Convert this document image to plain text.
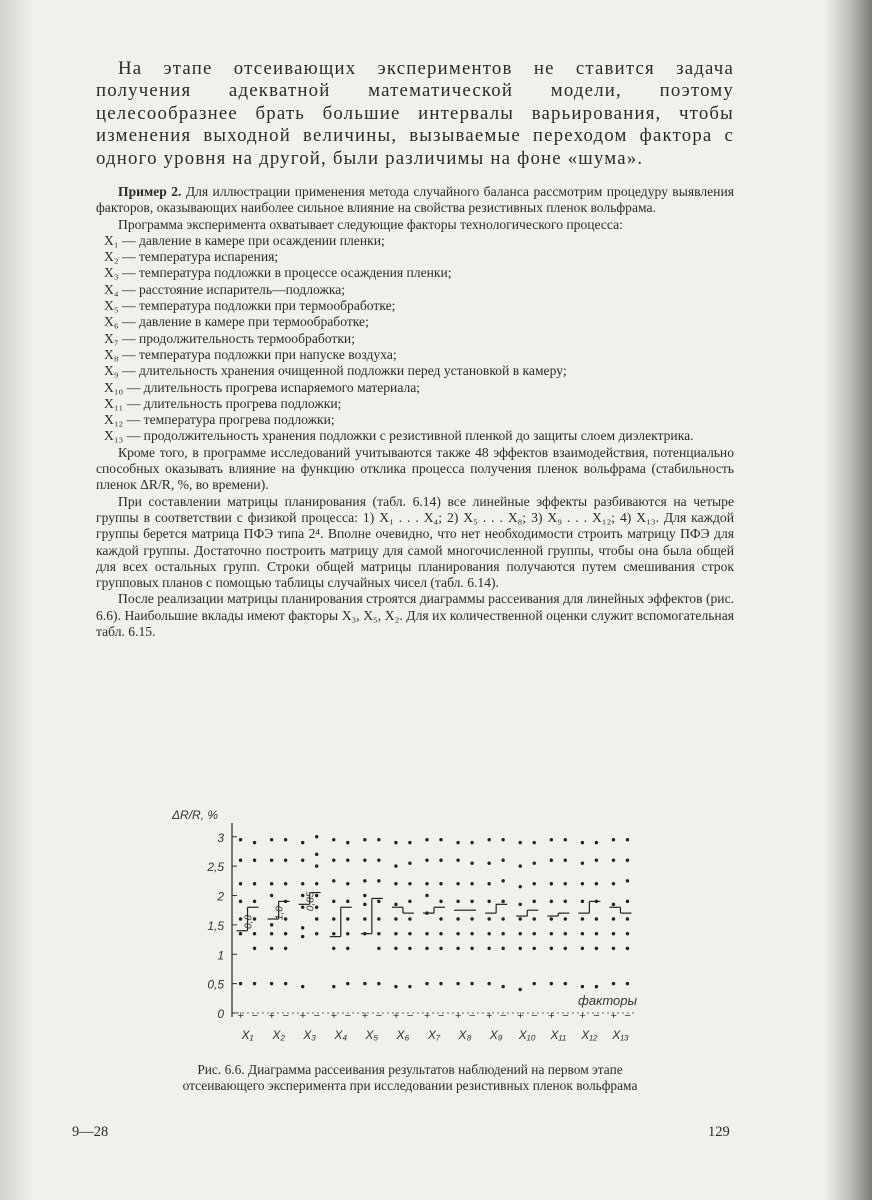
На этапе отсеивающих экспериментов не ставится задача получения адекватной математической модели, поэтому целесообразнее брать большие интервалы варьирования, чтобы изменения выходной величины, вызываемые переходом фактора с одного уровня на другой, были различимы на фоне «шума».

Пример 2. Для иллюстрации применения метода случайного баланса рассмотрим процедуру выявления факторов, оказывающих наиболее сильное влияние на свойства резистивных пленок вольфрама.

Программа эксперимента охватывает следующие факторы технологического процесса:

X₁ — давление в камере при осаждении пленки;
X₂ — температура испарения;
X₃ — температура подложки в процессе осаждения пленки;
X₄ — расстояние испаритель—подложка;
X₅ — температура подложки при термообработке;
X₆ — давление в камере при термообработке;
X₇ — продолжительность термообработки;
X₈ — температура подложки при напуске воздуха;
X₉ — длительность хранения очищенной подложки перед установкой в камеру;
X₁₀ — длительность прогрева испаряемого материала;
X₁₁ — длительность прогрева подложки;
X₁₂ — температура прогрева подложки;
X₁₃ — продолжительность хранения подложки с резистивной пленкой до защиты слоем диэлектрика.

Кроме того, в программе исследований учитываются также 48 эффектов взаимодействия, потенциально способных оказывать влияние на функцию отклика процесса получения пленок вольфрама (стабильность пленок ΔR/R, %, во времени).

При составлении матрицы планирования (табл. 6.14) все линейные эффекты разбиваются на четыре группы в соответствии с физикой процесса: 1) X₁ . . . X₄; 2) X₅ . . . X₈; 3) X₉ . . . X₁₂; 4) X₁₃. Для каждой группы берется матрица ПФЭ типа 2⁴. Вполне очевидно, что нет необходимости строить матрицу ПФЭ для каждой группы. Достаточно построить матрицу для самой многочисленной группы, чтобы она была общей для всех остальных групп. Строки общей матрицы планирования получаются путем смешивания строк групповых планов с помощью таблицы случайных чисел (табл. 6.14).

После реализации матрицы планирования строятся диаграммы рассеивания для линейных эффектов (рис. 6.6). Наибольшие вклады имеют факторы X₃, X₅, X₂. Для их количественной оценки служит вспомогательная табл. 6.15.

ΔR/R, %
факторы
0
0,5
1
1,5
2
2,5
3
+ −
X₁
+ −
X₂
+ −
X₃
+ −
X₄
+ −
X₅
+ −
X₆
+ −
X₇
+ −
X₈
+ −
X₉
+ −
X₁₀
+ −
X₁₁
+ −
X₁₂
+ −
X₁₃
0,8
1,0
0,85
Рис. 6.6. Диаграмма рассеивания результатов наблюдений на первом этапе отсеивающего эксперимента при исследовании резистивных пленок вольфрама
9—28	129
